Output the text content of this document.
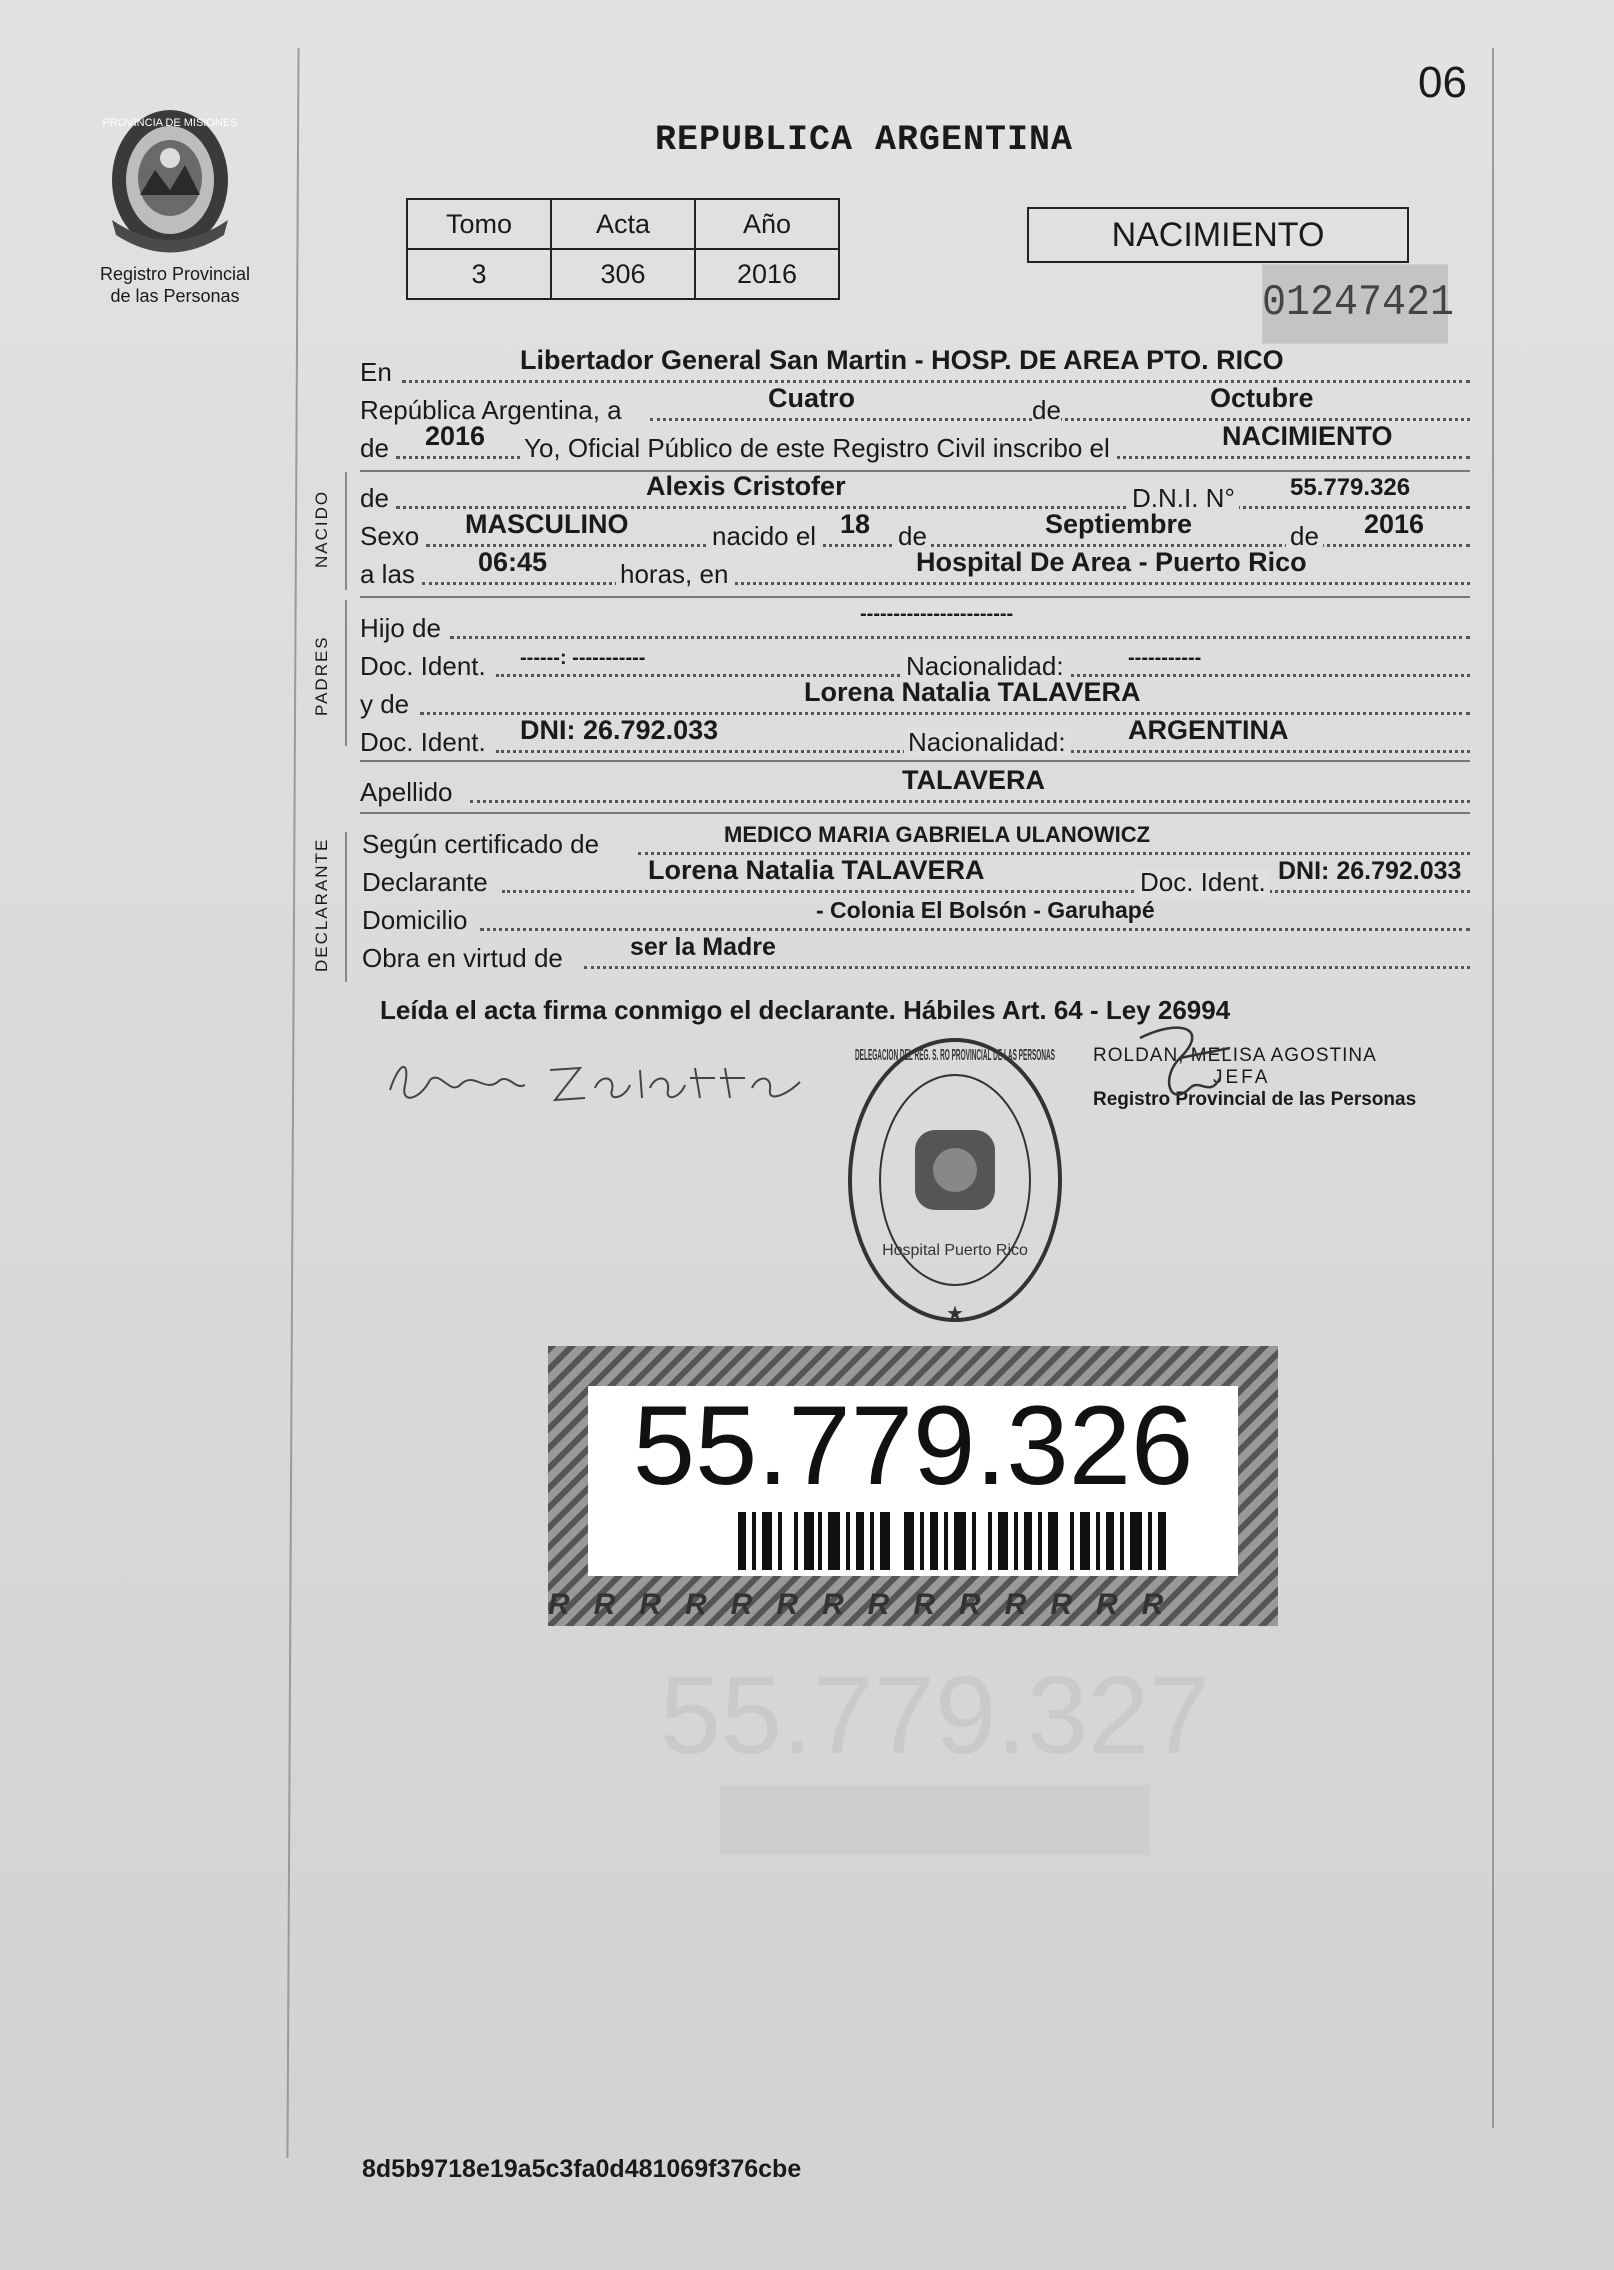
06
PROVINCIA DE MISIONES
Registro Provincial
de las Personas
REPUBLICA ARGENTINA
Tomo	Acta	Año
3	306	2016
NACIMIENTO
01247421
En	Libertador General San Martin - HOSP. DE AREA PTO. RICO
República Argentina, a	Cuatro	de	Octubre
de 2016 Yo, Oficial Público de este Registro Civil inscribo el	NACIMIENTO
NACIDO de	Alexis Cristofer	D.N.I. N° 55.779.326
Sexo MASCULINO	nacido el 18 de	Septiembre	de 2016
a las 06:45	horas, en	Hospital De Area - Puerto Rico
PADRES
Hijo de	-----------------------
Doc. Ident. ------: -----------	Nacionalidad:	-----------
y de	Lorena Natalia TALAVERA
Doc. Ident. DNI: 26.792.033	Nacionalidad: ARGENTINA
Apellido	TALAVERA
DECLARANTE Según certificado de	MEDICO MARIA GABRIELA ULANOWICZ
Declarante	Lorena Natalia TALAVERA	Doc. Ident. DNI: 26.792.033
Domicilio	- Colonia El Bolsón - Garuhapé
Obra en virtud de	ser la Madre
Leída el acta firma conmigo el declarante. Hábiles Art. 64 - Ley 26994
ROLDAN, MELISA AGOSTINA
JEFA
Registro Provincial de las Personas
DELEGACION DEL REG. S. RO PROVINCIAL DE LAS PERSONAS
Hospital Puerto Rico
★
55.779.326
RRRRRRRRRRRRRR
55.779.327
8d5b9718e19a5c3fa0d481069f376cbe
